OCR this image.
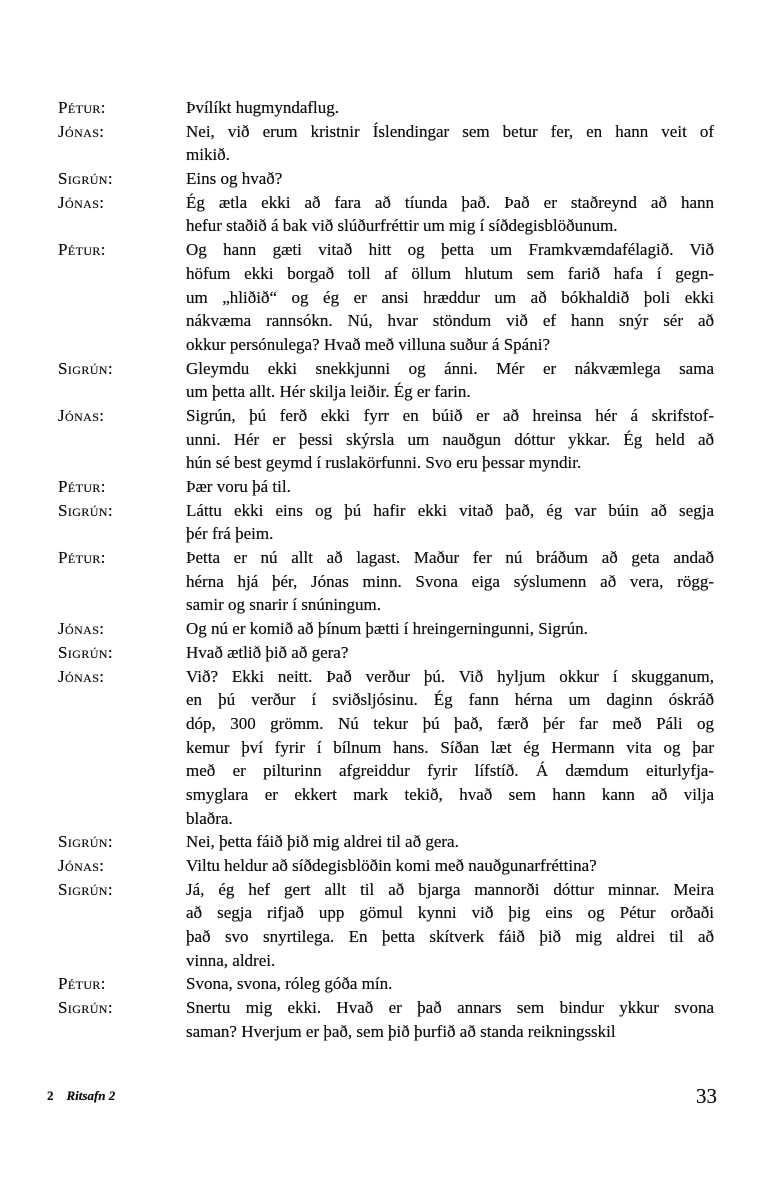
Pétur:	Þvílíkt hugmyndaflug.
Jónas:	Nei, við erum kristnir Íslendingar sem betur fer, en hann veit of
mikið.
Sigrún:	Eins og hvað?
Jónas:	Ég ætla ekki að fara að tíunda það. Það er staðreynd að hann
hefur staðið á bak við slúðurfréttir um mig í síðdegisblöðunum.
Pétur:	Og hann gæti vitað hitt og þetta um Framkvæmdafélagið. Við
höfum ekki borgað toll af öllum hlutum sem farið hafa í gegn-
um „hliðið“ og ég er ansi hræddur um að bókhaldið þoli ekki
nákvæma rannsókn. Nú, hvar stöndum við ef hann snýr sér að
okkur persónulega? Hvað með villuna suður á Spáni?
Sigrún:	Gleymdu ekki snekkjunni og ánni. Mér er nákvæmlega sama
um þetta allt. Hér skilja leiðir. Ég er farin.
Jónas:	Sigrún, þú ferð ekki fyrr en búið er að hreinsa hér á skrifstof-
unni. Hér er þessi skýrsla um nauðgun dóttur ykkar. Ég held að
hún sé best geymd í ruslakörfunni. Svo eru þessar myndir.
Pétur:	Þær voru þá til.
Sigrún:	Láttu ekki eins og þú hafir ekki vitað það, ég var búin að segja
þér frá þeim.
Pétur:	Þetta er nú allt að lagast. Maður fer nú bráðum að geta andað
hérna hjá þér, Jónas minn. Svona eiga sýslumenn að vera, rögg-
samir og snarir í snúningum.
Jónas:	Og nú er komið að þínum þætti í hreingerningunni, Sigrún.
Sigrún:	Hvað ætlið þið að gera?
Jónas:	Við? Ekki neitt. Það verður þú. Við hyljum okkur í skugganum,
en þú verður í sviðsljósinu. Ég fann hérna um daginn óskráð
dóp, 300 grömm. Nú tekur þú það, færð þér far með Páli og
kemur því fyrir í bílnum hans. Síðan læt ég Hermann vita og þar
með er pilturinn afgreiddur fyrir lífstíð. Á dæmdum eiturlyfja-
smyglara er ekkert mark tekið, hvað sem hann kann að vilja
blaðra.
Sigrún:	Nei, þetta fáið þið mig aldrei til að gera.
Jónas:	Viltu heldur að síðdegisblöðin komi með nauðgunarfréttina?
Sigrún:	Já, ég hef gert allt til að bjarga mannorði dóttur minnar. Meira
að segja rifjað upp gömul kynni við þig eins og Pétur orðaði
það svo snyrtilega. En þetta skítverk fáið þið mig aldrei til að
vinna, aldrei.
Pétur:	Svona, svona, róleg góða mín.
Sigrún:	Snertu mig ekki. Hvað er það annars sem bindur ykkur svona
saman? Hverjum er það, sem þið þurfið að standa reikningsskil
2 Ritsafn 2	33
